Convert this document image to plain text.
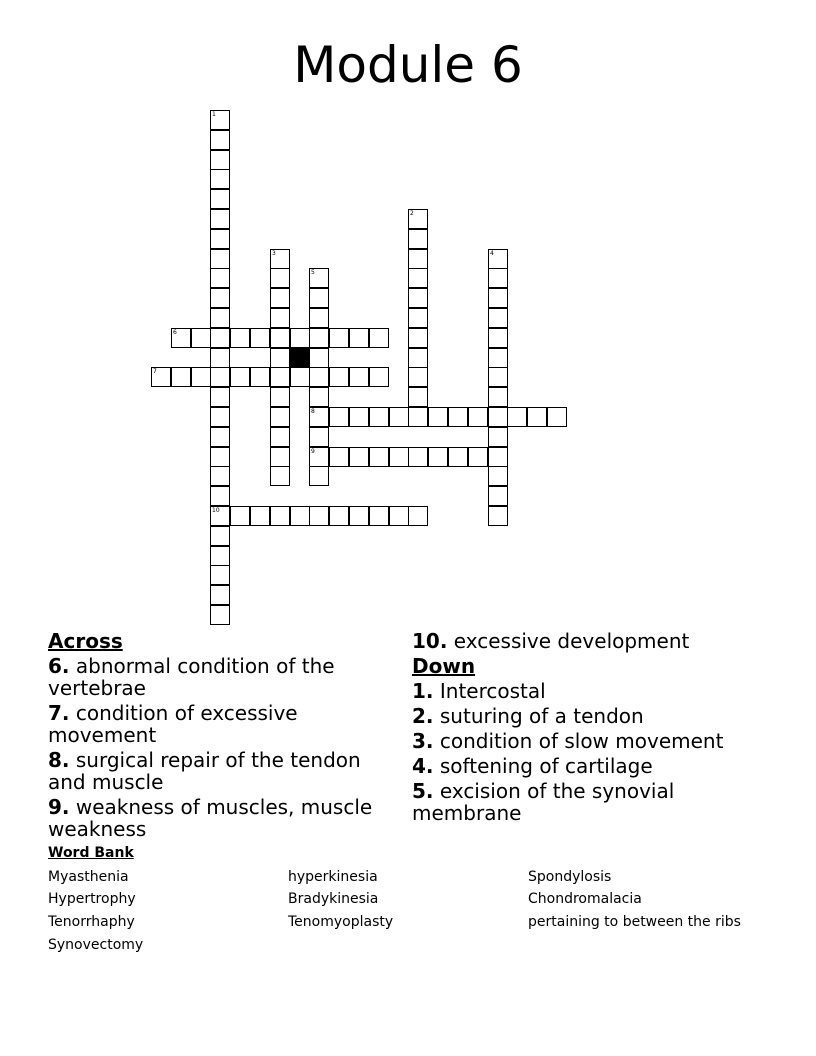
Module 6
6
7
8
9
10
1
2
3	4
5
Across
6. abnormal condition of the vertebrae
7. condition of excessive movement
8. surgical repair of the tendon and muscle
9. weakness of muscles, muscle weakness
10. excessive development
Down
1. Intercostal
2. suturing of a tendon
3. condition of slow movement
4. softening of cartilage
5. excision of the synovial membrane
Word Bank
Myasthenia
Hypertrophy
Tenorrhaphy
Synovectomy
hyperkinesia
Bradykinesia
Tenomyoplasty
Spondylosis
Chondromalacia
pertaining to between the ribs
